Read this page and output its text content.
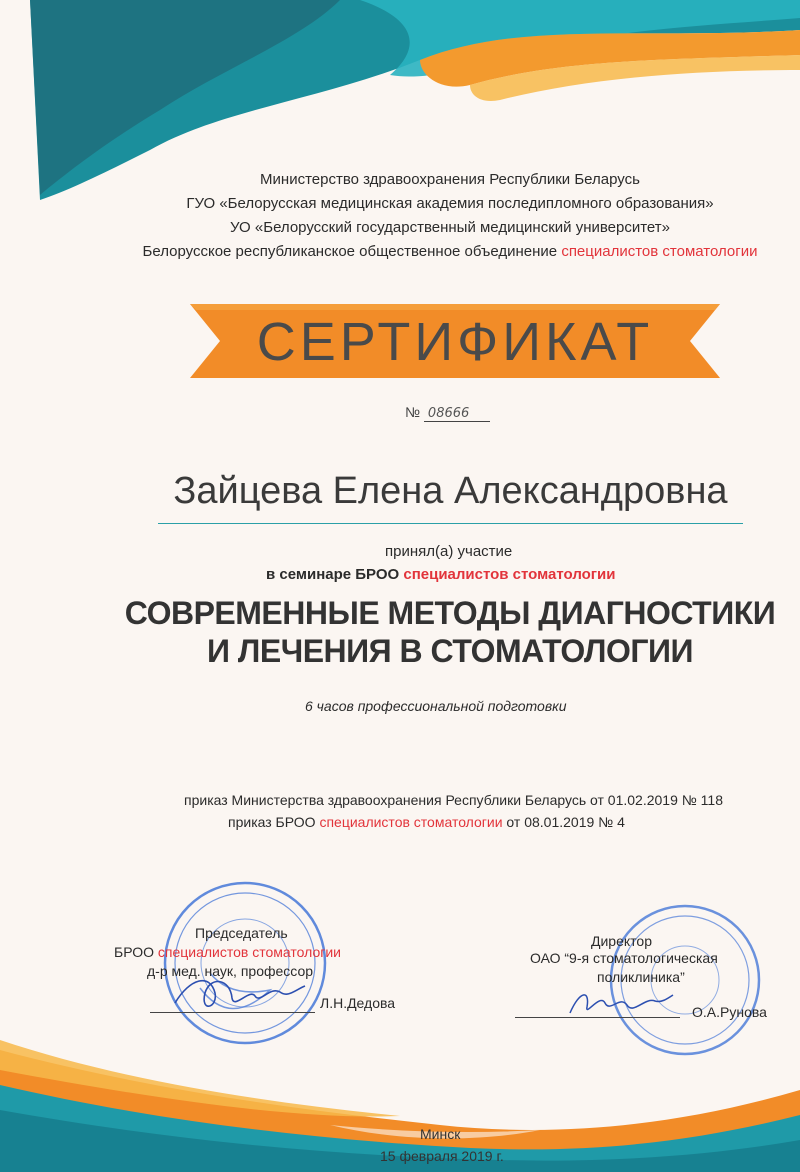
Министерство здравоохранения Республики Беларусь
ГУО «Белорусская медицинская академия последипломного образования»
УО «Белорусский государственный медицинский университет»
Белорусское республиканское общественное объединение специалистов стоматологии
СЕРТИФИКАТ
№ 08666
Зайцева Елена Александровна
принял(а) участие
в семинаре БРОО специалистов стоматологии
СОВРЕМЕННЫЕ МЕТОДЫ ДИАГНОСТИКИ
И ЛЕЧЕНИЯ В СТОМАТОЛОГИИ
6 часов профессиональной подготовки
приказ Министерства здравоохранения Республики Беларусь от 01.02.2019 № 118
приказ БРОО специалистов стоматологии от 08.01.2019 № 4
Председатель
БРОО специалистов стоматологии
д-р мед. наук, профессор
Л.Н.Дедова
Директор
ОАО “9-я стоматологическая
поликлиника”
О.А.Рунова
Минск
15 февраля 2019 г.
